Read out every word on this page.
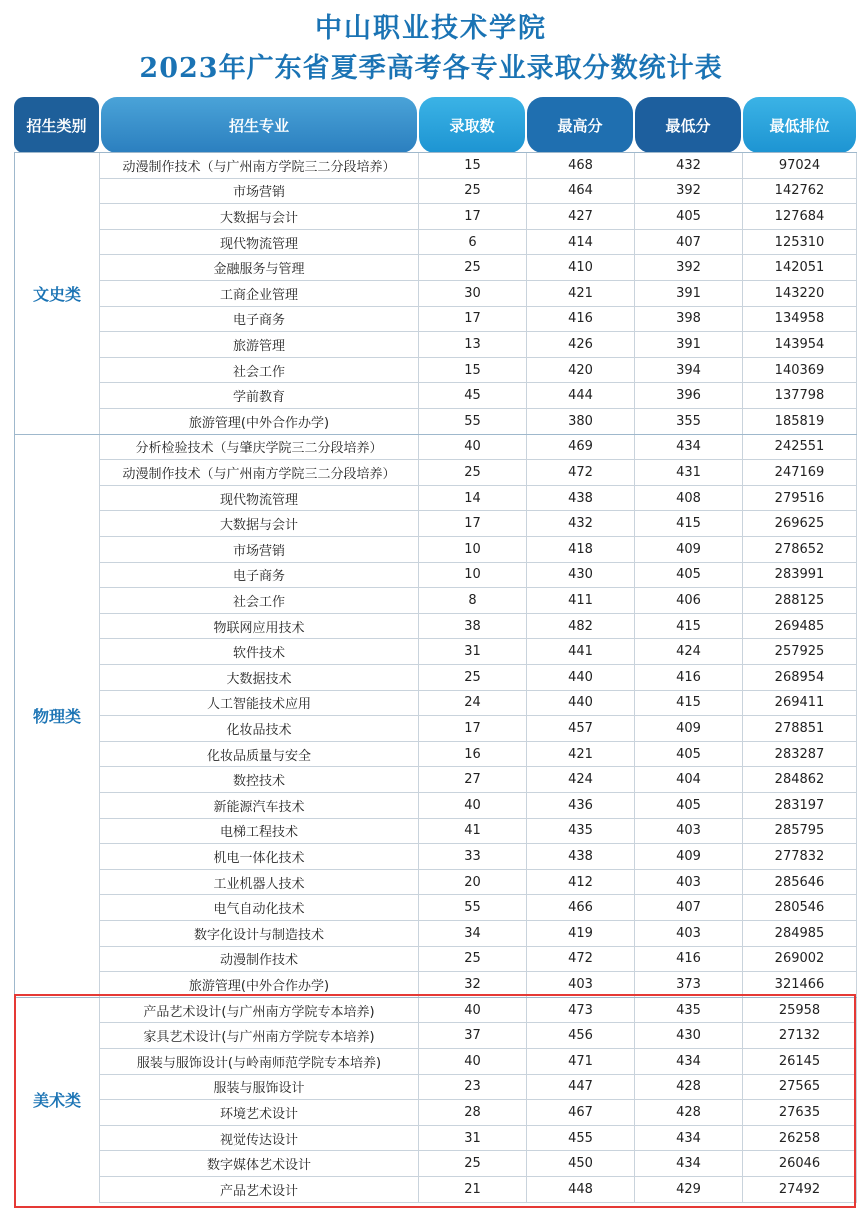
中山职业技术学院
2023年广东省夏季高考各专业录取分数统计表
招生类别	招生专业	录取数	最高分	最低分	最低排位
文史类
动漫制作技术（与广州南方学院三二分段培养）	15	468	432	97024
市场营销	25	464	392	142762
大数据与会计	17	427	405	127684
现代物流管理	6	414	407	125310
金融服务与管理	25	410	392	142051
工商企业管理	30	421	391	143220
电子商务	17	416	398	134958
旅游管理	13	426	391	143954
社会工作	15	420	394	140369
学前教育	45	444	396	137798
旅游管理(中外合作办学)	55	380	355	185819
物理类
分析检验技术（与肇庆学院三二分段培养）	40	469	434	242551
动漫制作技术（与广州南方学院三二分段培养）	25	472	431	247169
现代物流管理	14	438	408	279516
大数据与会计	17	432	415	269625
市场营销	10	418	409	278652
电子商务	10	430	405	283991
社会工作	8	411	406	288125
物联网应用技术	38	482	415	269485
软件技术	31	441	424	257925
大数据技术	25	440	416	268954
人工智能技术应用	24	440	415	269411
化妆品技术	17	457	409	278851
化妆品质量与安全	16	421	405	283287
数控技术	27	424	404	284862
新能源汽车技术	40	436	405	283197
电梯工程技术	41	435	403	285795
机电一体化技术	33	438	409	277832
工业机器人技术	20	412	403	285646
电气自动化技术	55	466	407	280546
数字化设计与制造技术	34	419	403	284985
动漫制作技术	25	472	416	269002
旅游管理(中外合作办学)	32	403	373	321466
美术类
产品艺术设计(与广州南方学院专本培养)	40	473	435	25958
家具艺术设计(与广州南方学院专本培养)	37	456	430	27132
服装与服饰设计(与岭南师范学院专本培养)	40	471	434	26145
服装与服饰设计	23	447	428	27565
环境艺术设计	28	467	428	27635
视觉传达设计	31	455	434	26258
数字媒体艺术设计	25	450	434	26046
产品艺术设计	21	448	429	27492
